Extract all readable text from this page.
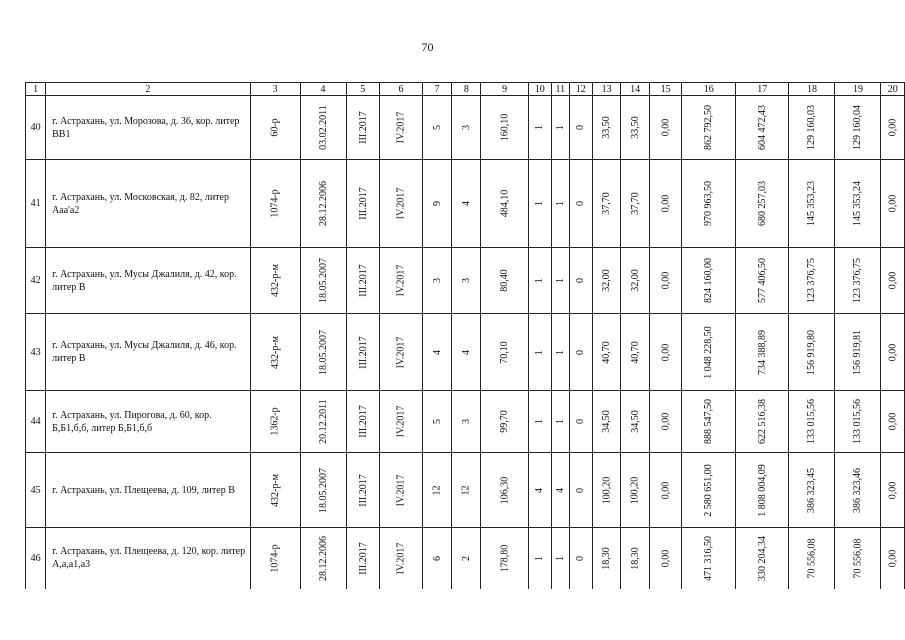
70
1	2	3	4	5	6	7	8	9	10	11	12	13	14	15	16	17	18	19	20
40	г. Астрахань, ул. Морозова, д. 36, кор. литер ВВ1	60-р	03.02.2011	III.2017	IV.2017	5	3	160,10	1	1	0	33,50	33,50	0,00	862 792,50	604 472,43	129 160,03	129 160,04	0,00
41	г. Астрахань, ул. Московская, д. 82, литер Ааа'а2	1074-р	28.12.2006	III.2017	IV.2017	9	4	484,10	1	1	0	37,70	37,70	0,00	970 963,50	680 257,03	145 353,23	145 353,24	0,00
42	г. Астрахань, ул. Мусы Джалиля, д. 42, кор. литер В	432-р-м	18.05.2007	III.2017	IV.2017	3	3	80,40	1	1	0	32,00	32,00	0,00	824 160,00	577 406,50	123 376,75	123 376,75	0,00
43	г. Астрахань, ул. Мусы Джалиля, д. 46, кор. литер В	432-р-м	18.05.2007	III.2017	IV.2017	4	4	70,10	1	1	0	40,70	40,70	0,00	1 048 228,50	734 388,89	156 919,80	156 919,81	0,00
44	г. Астрахань, ул. Пирогова, д. 60, кор. Б,Б1,б,б, литер Б,Б1,б,б	1362-р	20.12.2011	III.2017	IV.2017	5	3	99,70	1	1	0	34,50	34,50	0,00	888 547,50	622 516,38	133 015,56	133 015,56	0,00
45	г. Астрахань, ул. Плещеева, д. 109, литер В	432-р-м	18.05.2007	III.2017	IV.2017	12	12	106,30	4	4	0	100,20	100,20	0,00	2 580 651,00	1 808 004,09	386 323,45	386 323,46	0,00
46	г. Астрахань, ул. Плещеева, д. 120, кор. литер А,а,а1,а3	1074-р	28.12.2006	III.2017	IV.2017	6	2	178,80	1	1	0	18,30	18,30	0,00	471 316,50	330 204,34	70 556,08	70 556,08	0,00
